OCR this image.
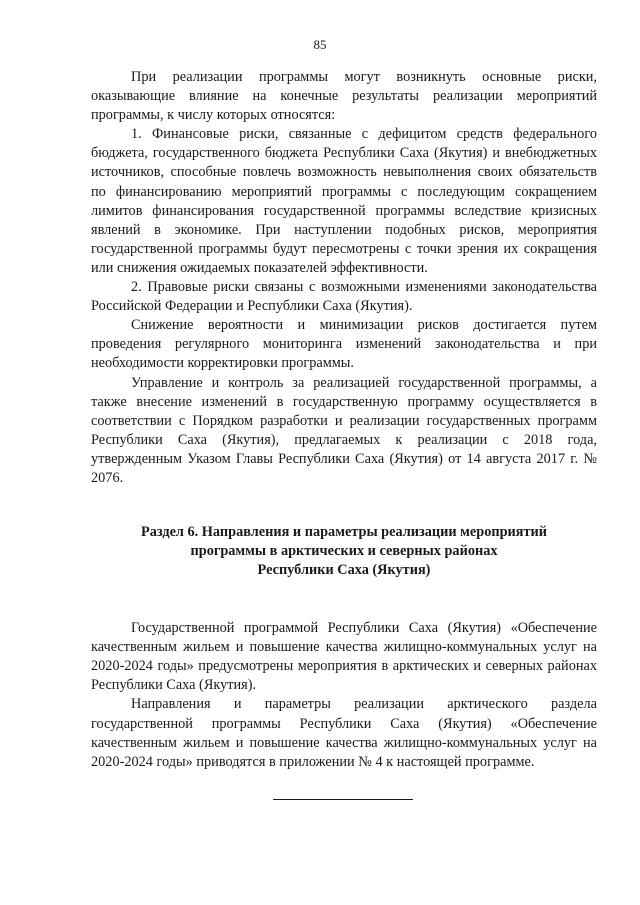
85

При реализации программы могут возникнуть основные риски, оказывающие влияние на конечные результаты реализации мероприятий программы, к числу которых относятся:

1. Финансовые риски, связанные с дефицитом средств федерального бюджета, государственного бюджета Республики Саха (Якутия) и внебюджетных источников, способные повлечь возможность невыполнения своих обязательств по финансированию мероприятий программы с последующим сокращением лимитов финансирования государственной программы вследствие кризисных явлений в экономике. При наступлении подобных рисков, мероприятия государственной программы будут пересмотрены с точки зрения их сокращения или снижения ожидаемых показателей эффективности.

2. Правовые риски связаны с возможными изменениями законодательства Российской Федерации и Республики Саха (Якутия).

Снижение вероятности и минимизации рисков достигается путем проведения регулярного мониторинга изменений законодательства и при необходимости корректировки программы.

Управление и контроль за реализацией государственной программы, а также внесение изменений в государственную программу осуществляется в соответствии с Порядком разработки и реализации государственных программ Республики Саха (Якутия), предлагаемых к реализации с 2018 года, утвержденным Указом Главы Республики Саха (Якутия) от 14 августа 2017 г. № 2076.

Раздел 6. Направления и параметры реализации мероприятий
программы в арктических и северных районах
Республики Саха (Якутия)

Государственной программой Республики Саха (Якутия) «Обеспечение качественным жильем и повышение качества жилищно-коммунальных услуг на 2020-2024 годы» предусмотрены мероприятия в арктических и северных районах Республики Саха (Якутия).

Направления и параметры реализации арктического раздела государственной программы Республики Саха (Якутия) «Обеспечение качественным жильем и повышение качества жилищно-коммунальных услуг на 2020-2024 годы» приводятся в приложении № 4 к настоящей программе.
